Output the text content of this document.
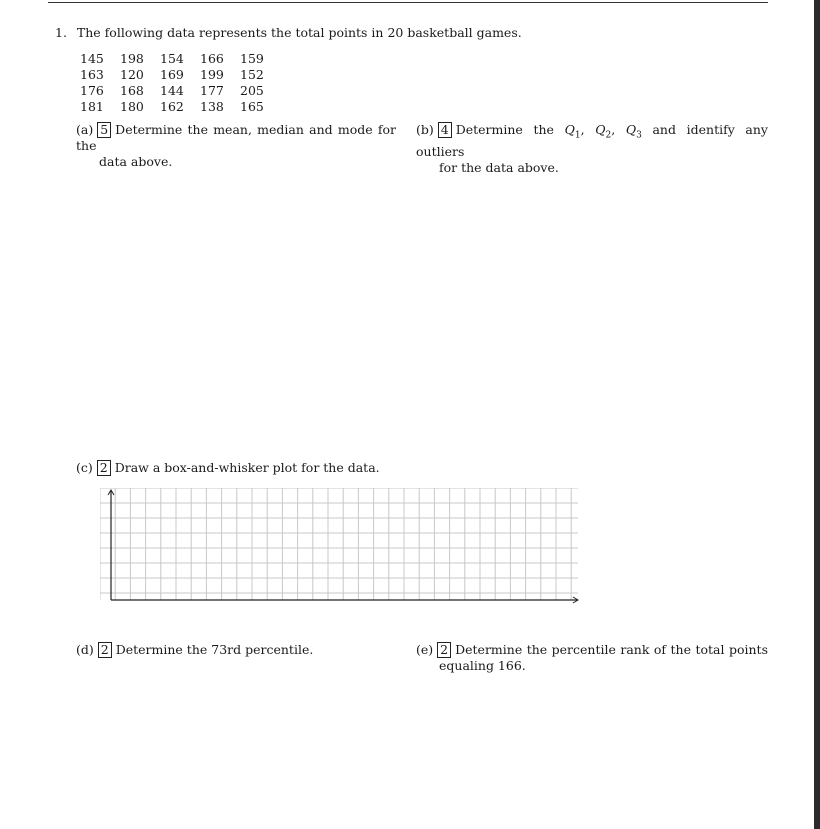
1. The following data represents the total points in 20 basketball games.
145	198	154	166	159
163	120	169	199	152
176	168	144	177	205
181	180	162	138	165
(a) 5 Determine the mean, median and mode for the
data above.
(b) 4 Determine the $Q_1$, $Q_2$, $Q_3$ and identify any outliers
for the data above.
(c) 2 Draw a box-and-whisker plot for the data.
(d) 2 Determine the 73rd percentile.	(e) 2 Determine the percentile rank of the total points
equaling 166.
